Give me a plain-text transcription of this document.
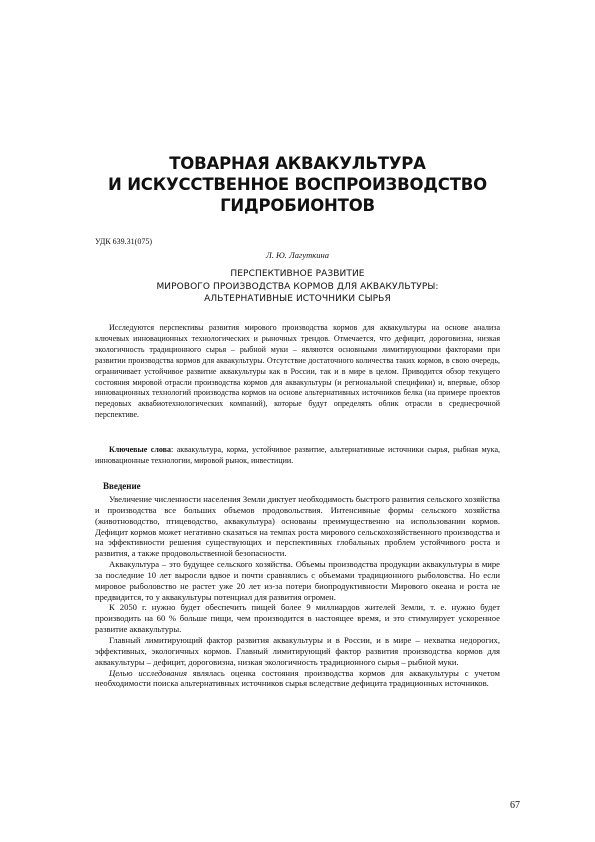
ТОВАРНАЯ АКВАКУЛЬТУРА
И ИСКУССТВЕННОЕ ВОСПРОИЗВОДСТВО
ГИДРОБИОНТОВ
УДК 639.31(075)
Л. Ю. Лагуткина
ПЕРСПЕКТИВНОЕ РАЗВИТИЕ
МИРОВОГО ПРОИЗВОДСТВА КОРМОВ ДЛЯ АКВАКУЛЬТУРЫ:
АЛЬТЕРНАТИВНЫЕ ИСТОЧНИКИ СЫРЬЯ

Исследуются перспективы развития мирового производства кормов для аквакультуры на основе анализа ключевых инновационных технологических и рыночных трендов. Отмечается, что дефицит, дороговизна, низкая экологичность традиционного сырья – рыбной муки – являются основными лимитирующими факторами при развитии производства кормов для аквакультуры. Отсутствие достаточного количества таких кормов, в свою очередь, ограничивает устойчивое развитие аквакультуры как в России, так и в мире в целом. Приводится обзор текущего состояния мировой отрасли производства кормов для аквакультуры (и региональной специфики) и, впервые, обзор инновационных технологий производства кормов на основе альтернативных источников белка (на примере проектов передовых аквабиотехнологических компаний), которые будут определять облик отрасли в среднесрочной перспективе.

Ключевые слова: аквакультура, корма, устойчивое развитие, альтернативные источники сырья, рыбная мука, инновационные технологии, мировой рынок, инвестиции.

Введение

Увеличение численности населения Земли диктует необходимость быстрого развития сельского хозяйства и производства все больших объемов продовольствия. Интенсивные формы сельского хозяйства (животноводство, птицеводство, аквакультура) основаны преимущественно на использовании кормов. Дефицит кормов может негативно сказаться на темпах роста мирового сельскохозяйственного производства и на эффективности решения существующих и перспективных глобальных проблем устойчивого роста и развития, а также продовольственной безопасности.

Аквакультура – это будущее сельского хозяйства. Объемы производства продукции аквакультуры в мире за последние 10 лет выросли вдвое и почти сравнялись с объемами традиционного рыболовства. Но если мировое рыболовство не растет уже 20 лет из-за потери биопродуктивности Мирового океана и роста не предвидится, то у аквакультуры потенциал для развития огромен.

К 2050 г. нужно будет обеспечить пищей более 9 миллиардов жителей Земли, т. е. нужно будет производить на 60 % больше пищи, чем производится в настоящее время, и это стимулирует ускоренное развитие аквакультуры.

Главный лимитирующий фактор развития аквакультуры и в России, и в мире – нехватка недорогих, эффективных, экологичных кормов. Главный лимитирующий фактор развития производства кормов для аквакультуры – дефицит, дороговизна, низкая экологичность традиционного сырья – рыбной муки.

Целью исследования являлась оценка состояния производства кормов для аквакультуры с учетом необходимости поиска альтернативных источников сырья вследствие дефицита традиционных источников.

67
